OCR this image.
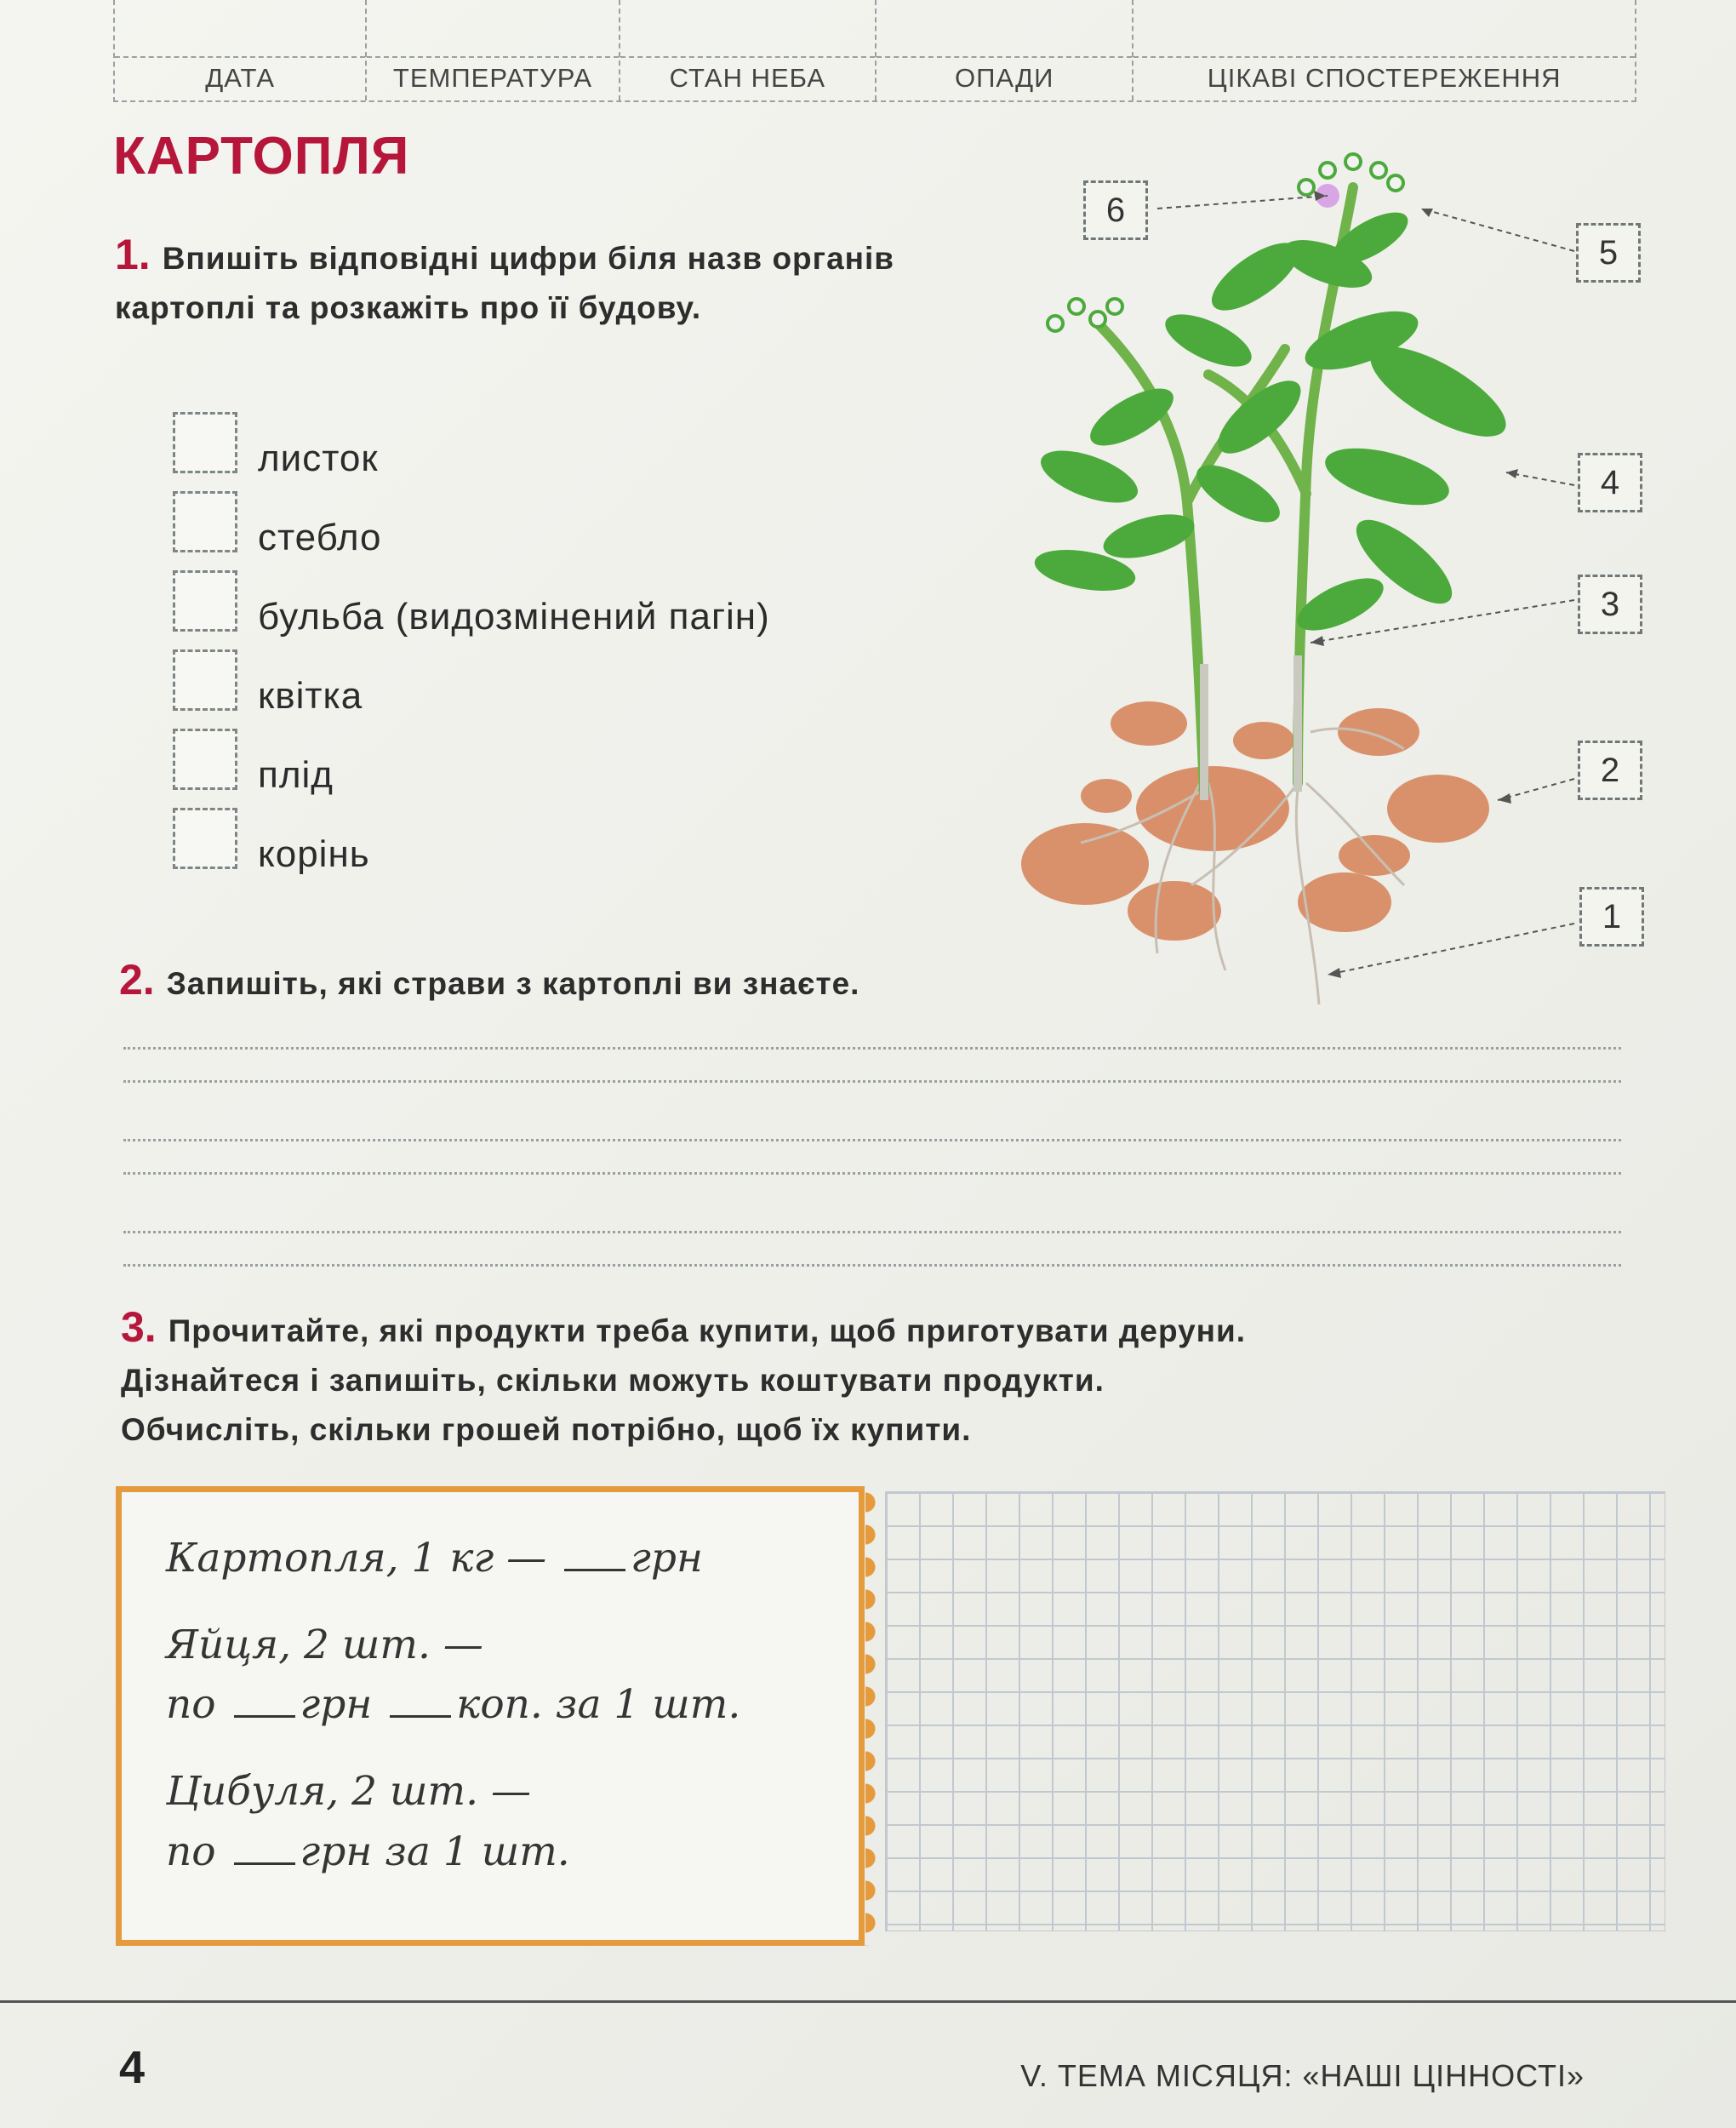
ДАТА	ТЕМПЕРАТУРА	СТАН НЕБА	ОПАДИ	ЦІКАВІ СПОСТЕРЕЖЕННЯ
КАРТОПЛЯ
1. Впишіть відповідні цифри біля назв органів картоплі та розкажіть про її будову.
листок
стебло
бульба (видозмінений пагін)
квітка
плід
корінь
6
5
4
3
2
1
2. Запишіть, які страви з картоплі ви знаєте.
3. Прочитайте, які продукти треба купити, щоб приготувати деруни.
Дізнайтеся і запишіть, скільки можуть коштувати продукти.
Обчисліть, скільки грошей потрібно, щоб їх купити.
Картопля, 1 кг — грн
Яйця, 2 шт. —
по грн коп. за 1 шт.
Цибуля, 2 шт. —
по грн за 1 шт.
4	V. ТЕМА МІСЯЦЯ: «НАШІ ЦІННОСТІ»
